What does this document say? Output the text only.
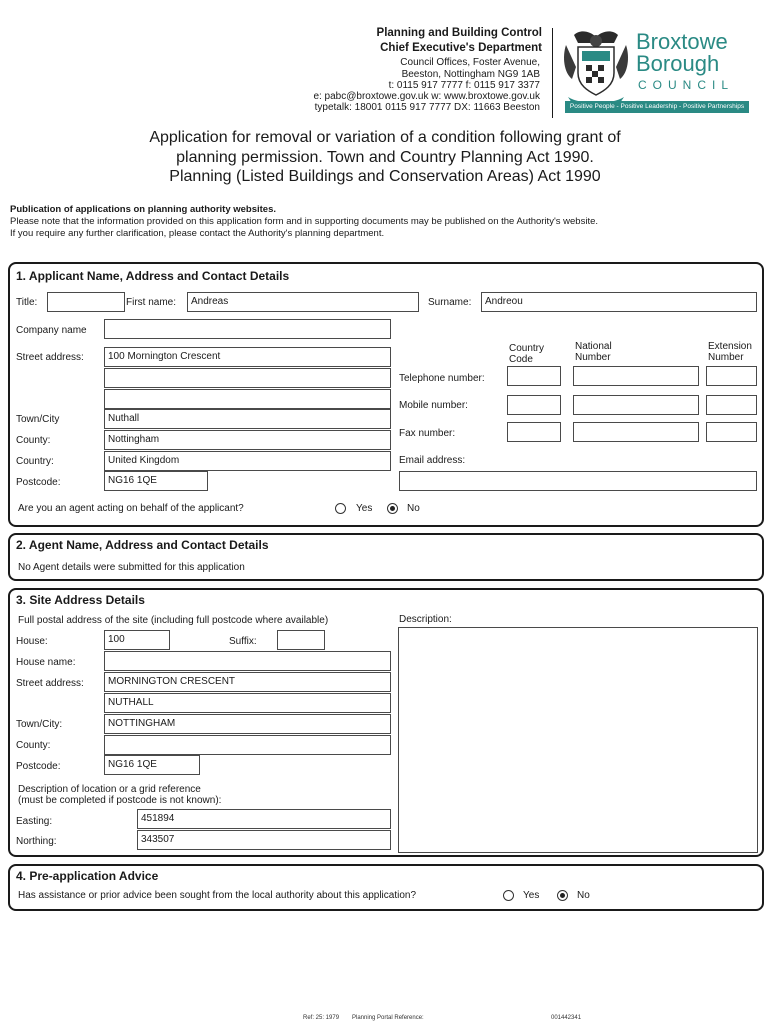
Planning and Building Control
Chief Executive's Department
Council Offices, Foster Avenue,
Beeston, Nottingham NG9 1AB
t: 0115 917 7777 f: 0115 917 3377
e: pabc@broxtowe.gov.uk w: www.broxtowe.gov.uk
typetalk: 18001 0115 917 7777 DX: 11663 Beeston
Broxtowe
Borough
COUNCIL
Positive People - Positive Leadership - Positive Partnerships
Application for removal or variation of a condition following grant of
planning permission. Town and Country Planning Act 1990.
Planning (Listed Buildings and Conservation Areas) Act 1990
Publication of applications on planning authority websites.
Please note that the information provided on this application form and in supporting documents may be published on the Authority's website.
If you require any further clarification, please contact the Authority's planning department.
1. Applicant Name, Address and Contact Details
Title:	First name:	Andreas	Surname:	Andreou
Company name
Street address:	100 Mornington Crescent
Town/City	Nuthall
County:	Nottingham
Country:	United Kingdom
Postcode:	NG16 1QE
Country
Code
National
Number
Extension
Number
Telephone number:
Mobile number:
Fax number:
Email address:
Are you an agent acting on behalf of the applicant?	Yes	No
2. Agent Name, Address and Contact Details
No Agent details were submitted for this application
3. Site Address Details
Full postal address of the site (including full postcode where available)	Description:
House:	100	Suffix:
House name:
Street address:	MORNINGTON CRESCENT
NUTHALL
Town/City:	NOTTINGHAM
County:
Postcode:	NG16 1QE
Description of location or a grid reference
(must be completed if postcode is not known):
Easting:	451894
Northing:	343507
4. Pre-application Advice
Has assistance or prior advice been sought from the local authority about this application?	Yes	No
Ref: 25: 1979 Planning Portal Reference:	001442341
